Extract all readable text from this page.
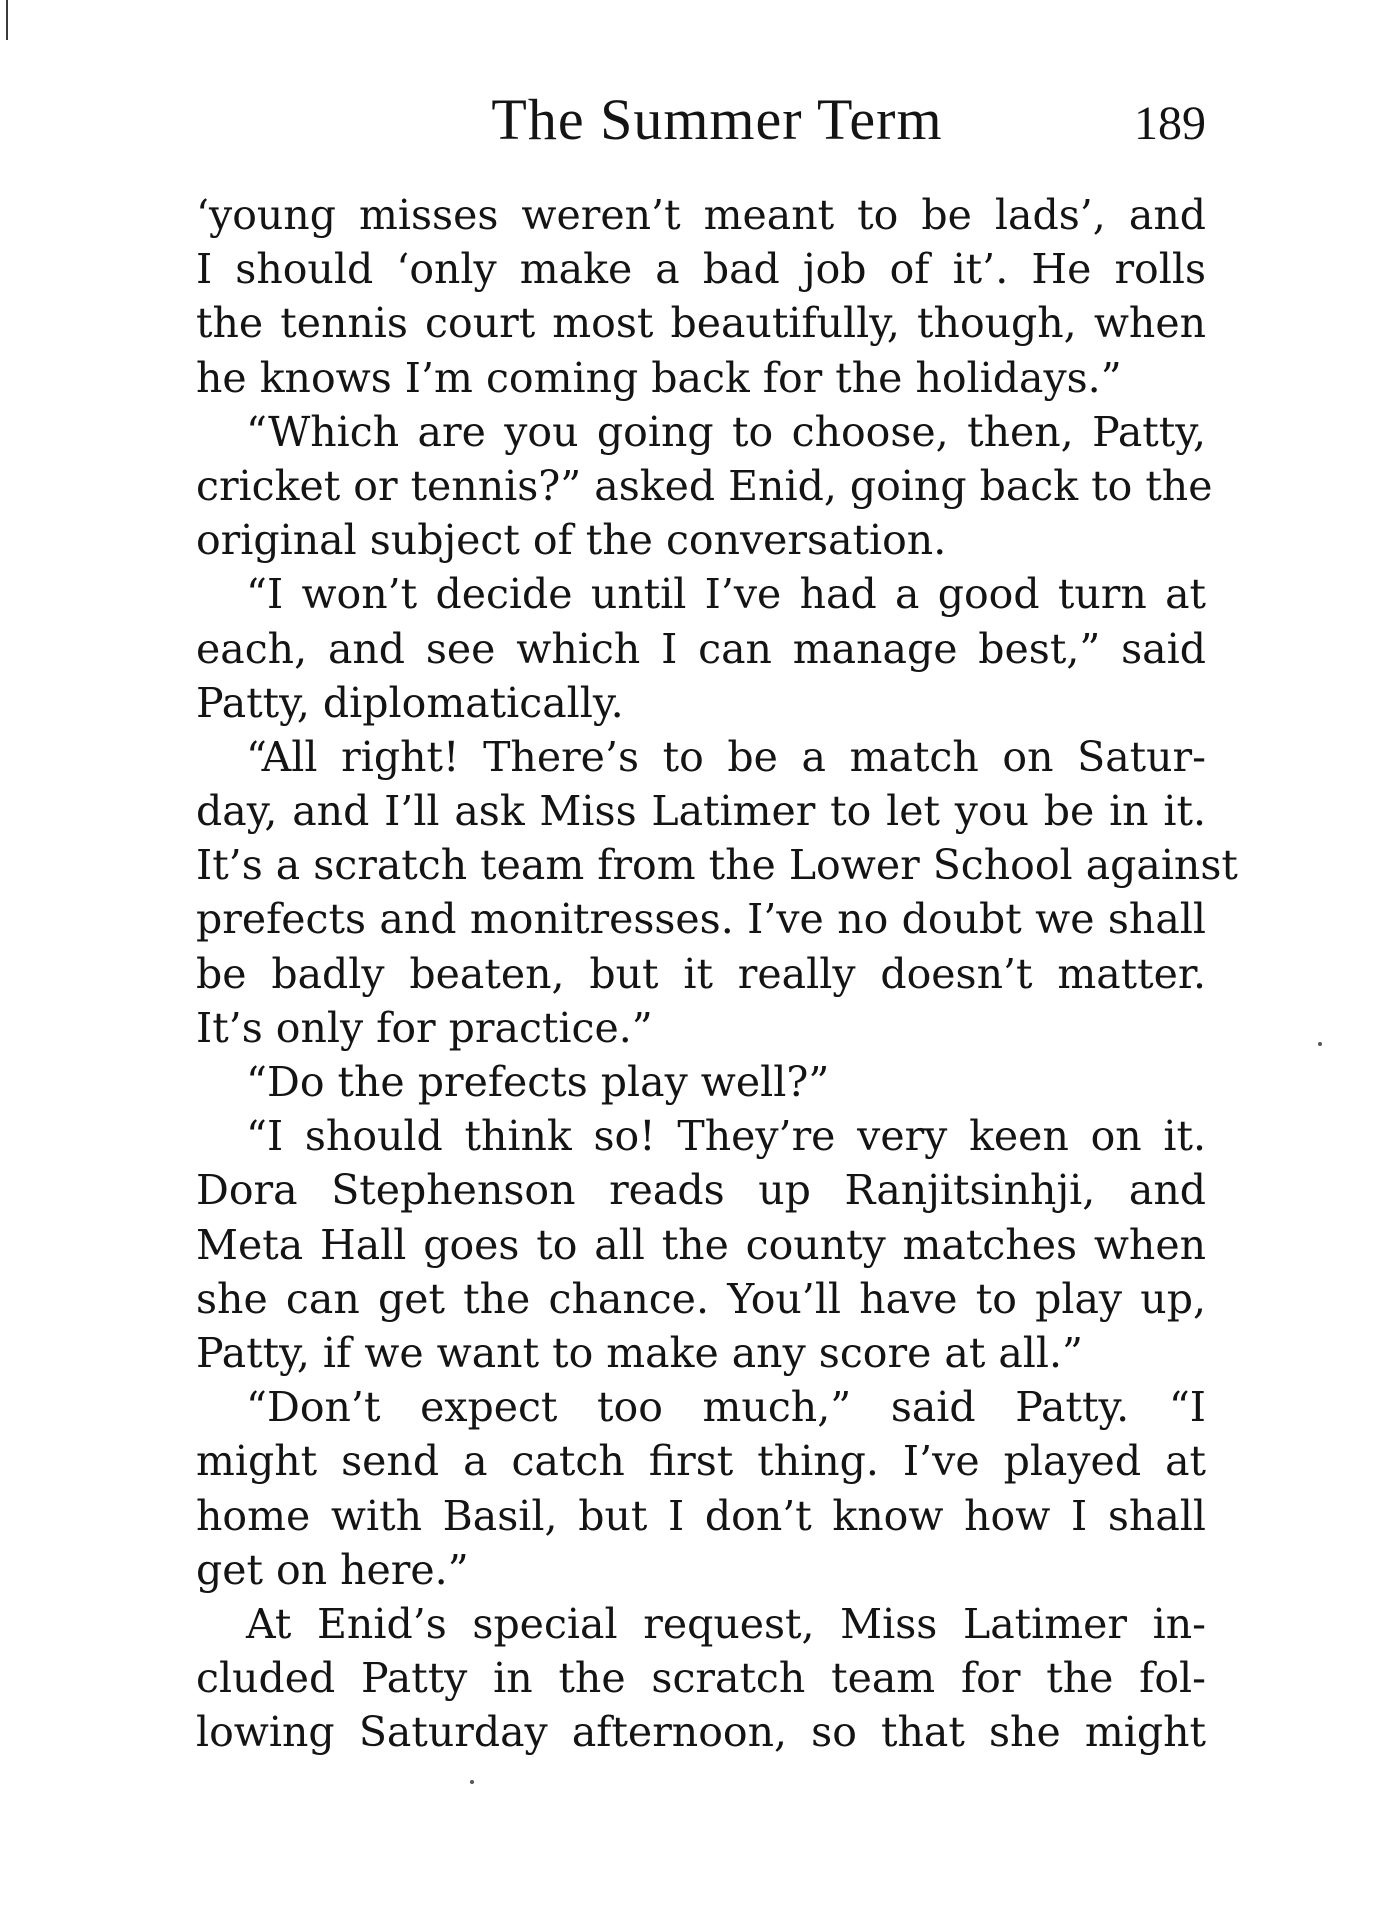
The Summer Term	189
‘young misses weren’t meant to be lads’, and
I should ‘only make a bad job of it’. He rolls
the tennis court most beautifully, though, when
he knows I’m coming back for the holidays.”
“Which are you going to choose, then, Patty,
cricket or tennis?” asked Enid, going back to the
original subject of the conversation.
“I won’t decide until I’ve had a good turn at
each, and see which I can manage best,” said
Patty, diplomatically.
“All right! There’s to be a match on Satur-
day, and I’ll ask Miss Latimer to let you be in it.
It’s a scratch team from the Lower School against
prefects and monitresses. I’ve no doubt we shall
be badly beaten, but it really doesn’t matter.
It’s only for practice.”
“Do the prefects play well?”
“I should think so! They’re very keen on it.
Dora Stephenson reads up Ranjitsinhji, and
Meta Hall goes to all the county matches when
she can get the chance. You’ll have to play up,
Patty, if we want to make any score at all.”
“Don’t expect too much,” said Patty. “I
might send a catch first thing. I’ve played at
home with Basil, but I don’t know how I shall
get on here.”
At Enid’s special request, Miss Latimer in-
cluded Patty in the scratch team for the fol-
lowing Saturday afternoon, so that she might
